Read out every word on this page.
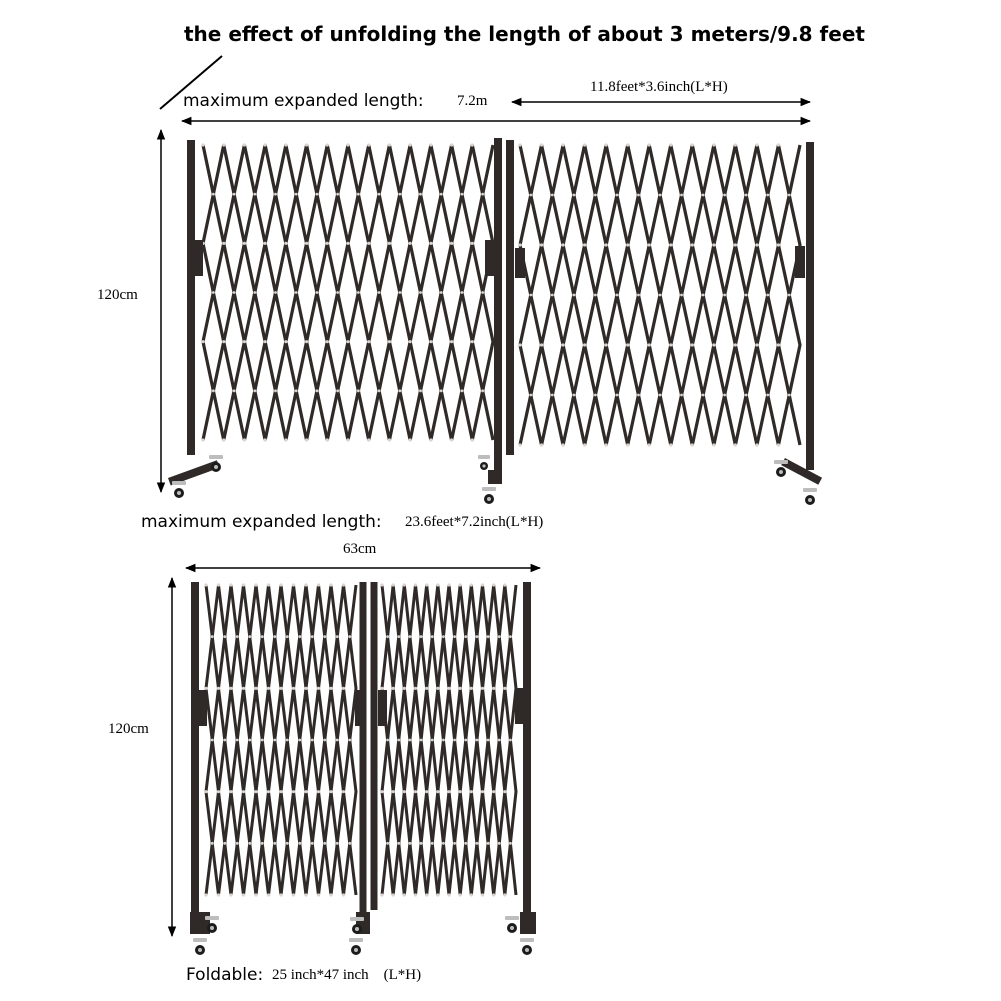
the effect of unfolding the length of about 3 meters/9.8 feet
maximum expanded length: 7.2m
11.8feet*3.6inch(L*H)
120cm
maximum expanded length: 23.6feet*7.2inch(L*H)
63cm
120cm
Foldable: 25 inch*47 inch　(L*H)
